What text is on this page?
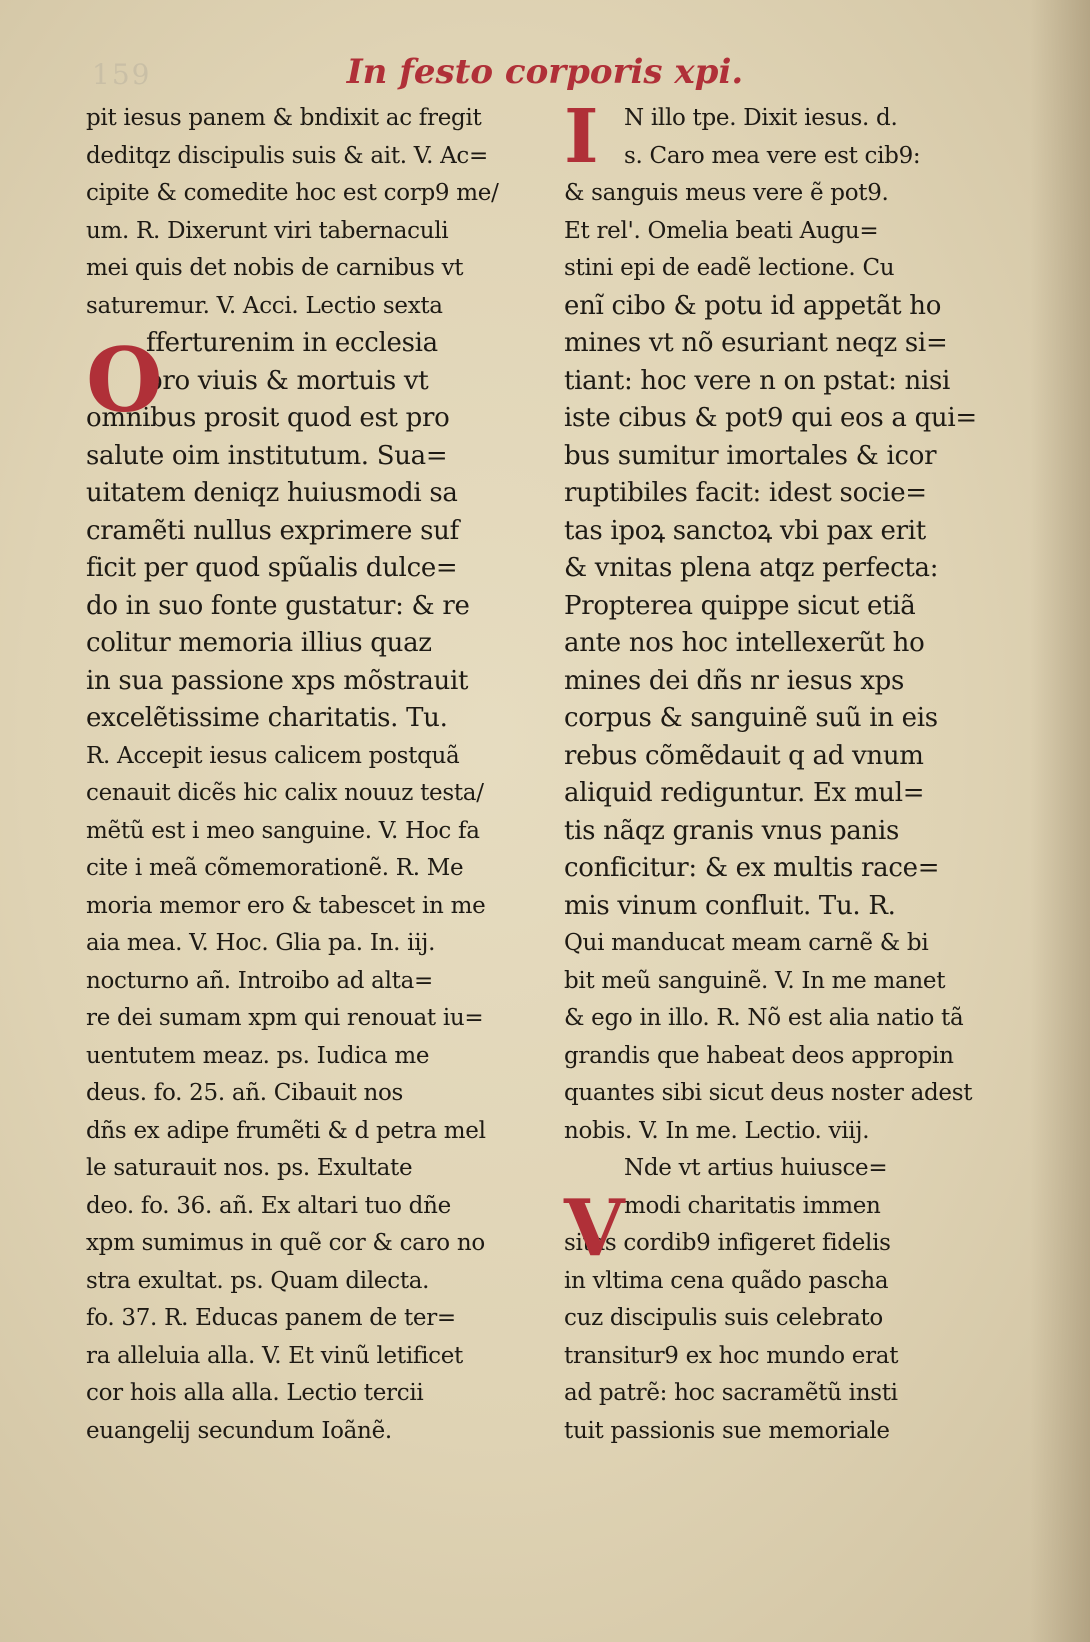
159	In festo corporis xpi.
O
pit iesus panem & bndixit ac fregit
deditqz discipulis suis & ait. V. Ac=
cipite & comedite hoc est corp9 me/
um. R. Dixerunt viri tabernaculi
mei quis det nobis de carnibus vt
saturemur. V. Acci. Lectio sexta
fferturenim in ecclesia
pro viuis & mortuis vt
omnibus prosit quod est pro
salute oim institutum. Sua=
uitatem deniqz huiusmodi sa
cramẽti nullus exprimere suf
ficit per quod spũalis dulce=
do in suo fonte gustatur: & re
colitur memoria illius quaz
in sua passione xps mõstrauit
excelẽtissime charitatis. Tu.
R. Accepit iesus calicem postquã
cenauit dicẽs hic calix nouuz testa/
mẽtũ est i meo sanguine. V. Hoc fa
cite i meã cõmemorationẽ. R. Me
moria memor ero & tabescet in me
aia mea. V. Hoc. Glia pa. In. iij.
nocturno añ. Introibo ad alta=
re dei sumam xpm qui renouat iu=
uentutem meaz. ps. Iudica me
deus. fo. 25. añ. Cibauit nos
dñs ex adipe frumẽti & d petra mel
le saturauit nos. ps. Exultate
deo. fo. 36. añ. Ex altari tuo dñe
xpm sumimus in quẽ cor & caro no
stra exultat. ps. Quam dilecta.
fo. 37. R. Educas panem de ter=
ra alleluia alla. V. Et vinũ letificet
cor hois alla alla. Lectio tercii
euangelij secundum Ioãnẽ.
I
V
N illo tpe. Dixit iesus. d.
s. Caro mea vere est cib9:
& sanguis meus vere ẽ pot9.
Et rel'. Omelia beati Augu=
stini epi de eadẽ lectione. Cu
enĩ cibo & potu id appetãt ho
mines vt nõ esuriant neqz si=
tiant: hoc vere n on pstat: nisi
iste cibus & pot9 qui eos a qui=
bus sumitur imortales & icor
ruptibiles facit: idest socie=
tas ipoꝝ sanctoꝝ vbi pax erit
& vnitas plena atqz perfecta:
Propterea quippe sicut etiã
ante nos hoc intellexerũt ho
mines dei dñs nr iesus xps
corpus & sanguinẽ suũ in eis
rebus cõmẽdauit q ad vnum
aliquid rediguntur. Ex mul=
tis nãqz granis vnus panis
conficitur: & ex multis race=
mis vinum confluit. Tu. R.
Qui manducat meam carnẽ & bi
bit meũ sanguinẽ. V. In me manet
& ego in illo. R. Nõ est alia natio tã
grandis que habeat deos appropin
quantes sibi sicut deus noster adest
nobis. V. In me. Lectio. viij.
Nde vt artius huiusce=
modi charitatis immen
sitas cordib9 infigeret fidelis
in vltima cena quãdo pascha
cuz discipulis suis celebrato
transitur9 ex hoc mundo erat
ad patrẽ: hoc sacramẽtũ insti
tuit passionis sue memoriale
